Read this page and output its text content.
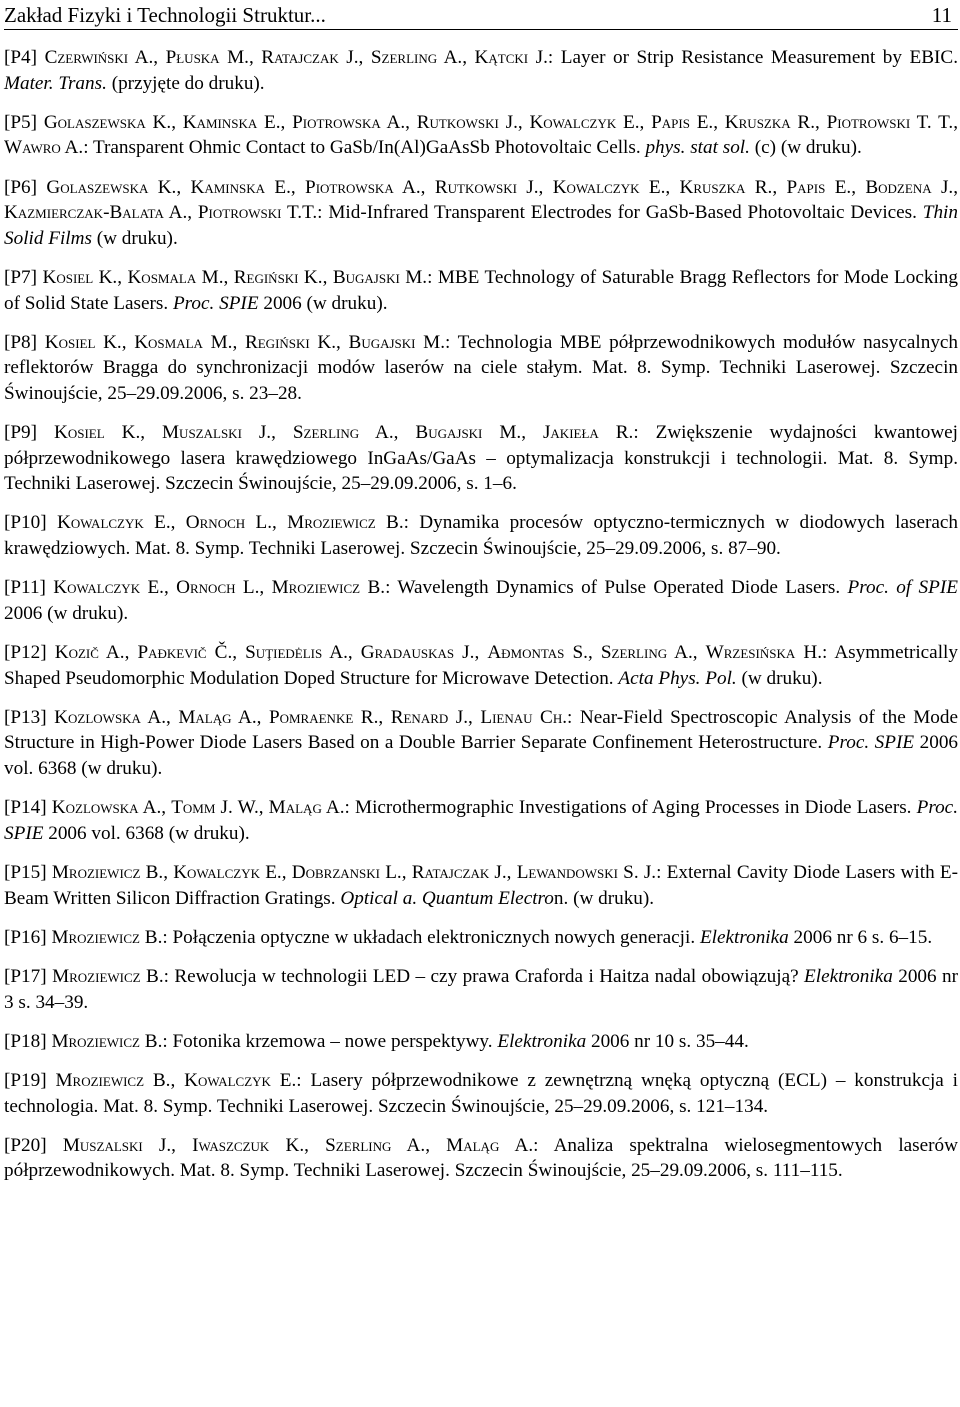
Zakład Fizyki i Technologii Struktur...	11

[P4] Czerwiński A., Płuska M., Ratajczak J., Szerling A., Kątcki J.: Layer or Strip Resistance Measurement by EBIC. Mater. Trans. (przyjęte do druku).

[P5] Golaszewska K., Kaminska E., Piotrowska A., Rutkowski J., Kowalczyk E., Papis E., Kruszka R., Piotrowski T. T., Wawro A.: Transparent Ohmic Contact to GaSb/In(Al)GaAsSb Photovoltaic Cells. phys. stat sol. (c) (w druku).

[P6] Golaszewska K., Kaminska E., Piotrowska A., Rutkowski J., Kowalczyk E., Kruszka R., Papis E., Bodzena J., Kazmierczak-Balata A., Piotrowski T.T.: Mid-Infrared Transparent Electrodes for GaSb-Based Photovoltaic Devices. Thin Solid Films (w druku).

[P7] Kosiel K., Kosmala M., Regiński K., Bugajski M.: MBE Technology of Saturable Bragg Reflectors for Mode Locking of Solid State Lasers. Proc. SPIE 2006 (w druku).

[P8] Kosiel K., Kosmala M., Regiński K., Bugajski M.: Technologia MBE półprzewodnikowych modułów nasycalnych reflektorów Bragga do synchronizacji modów laserów na ciele stałym. Mat. 8. Symp. Techniki Laserowej. Szczecin Świnoujście, 25–29.09.2006, s. 23–28.

[P9] Kosiel K., Muszalski J., Szerling A., Bugajski M., Jakieła R.: Zwiększenie wydajności kwantowej półprzewodnikowego lasera krawędziowego InGaAs/GaAs – optymalizacja konstrukcji i technologii. Mat. 8. Symp. Techniki Laserowej. Szczecin Świnoujście, 25–29.09.2006, s. 1–6.

[P10] Kowalczyk E., Ornoch L., Mroziewicz B.: Dynamika procesów optyczno-termicznych w diodowych laserach krawędziowych. Mat. 8. Symp. Techniki Laserowej. Szczecin Świnoujście, 25–29.09.2006, s. 87–90.

[P11] Kowalczyk E., Ornoch L., Mroziewicz B.: Wavelength Dynamics of Pulse Operated Diode Lasers. Proc. of SPIE 2006 (w druku).

[P12] Kozič A., Pađkevič Č., Suţiedėlis A., Gradauskas J., Ađmontas S., Szerling A., Wrzesińska H.: Asymmetrically Shaped Pseudomorphic Modulation Doped Structure for Microwave Detection. Acta Phys. Pol. (w druku).

[P13] Kozlowska A., Maląg A., Pomraenke R., Renard J., Lienau Ch.: Near-Field Spectroscopic Analysis of the Mode Structure in High-Power Diode Lasers Based on a Double Barrier Separate Confinement Heterostructure. Proc. SPIE 2006 vol. 6368 (w druku).

[P14] Kozlowska A., Tomm J. W., Maląg A.: Microthermographic Investigations of Aging Processes in Diode Lasers. Proc. SPIE 2006 vol. 6368 (w druku).

[P15] Mroziewicz B., Kowalczyk E., Dobrzanski L., Ratajczak J., Lewandowski S. J.: External Cavity Diode Lasers with E-Beam Written Silicon Diffraction Gratings. Optical a. Quantum Electron. (w druku).

[P16] Mroziewicz B.: Połączenia optyczne w układach elektronicznych nowych generacji. Elektronika 2006 nr 6 s. 6–15.

[P17] Mroziewicz B.: Rewolucja w technologii LED – czy prawa Craforda i Haitza nadal obowiązują? Elektronika 2006 nr 3 s. 34–39.

[P18] Mroziewicz B.: Fotonika krzemowa – nowe perspektywy. Elektronika 2006 nr 10 s. 35–44.

[P19] Mroziewicz B., Kowalczyk E.: Lasery półprzewodnikowe z zewnętrzną wnęką optyczną (ECL) – konstrukcja i technologia. Mat. 8. Symp. Techniki Laserowej. Szczecin Świnoujście, 25–29.09.2006, s. 121–134.

[P20] Muszalski J., Iwaszczuk K., Szerling A., Maląg A.: Analiza spektralna wielosegmentowych laserów półprzewodnikowych. Mat. 8. Symp. Techniki Laserowej. Szczecin Świnoujście, 25–29.09.2006, s. 111–115.
